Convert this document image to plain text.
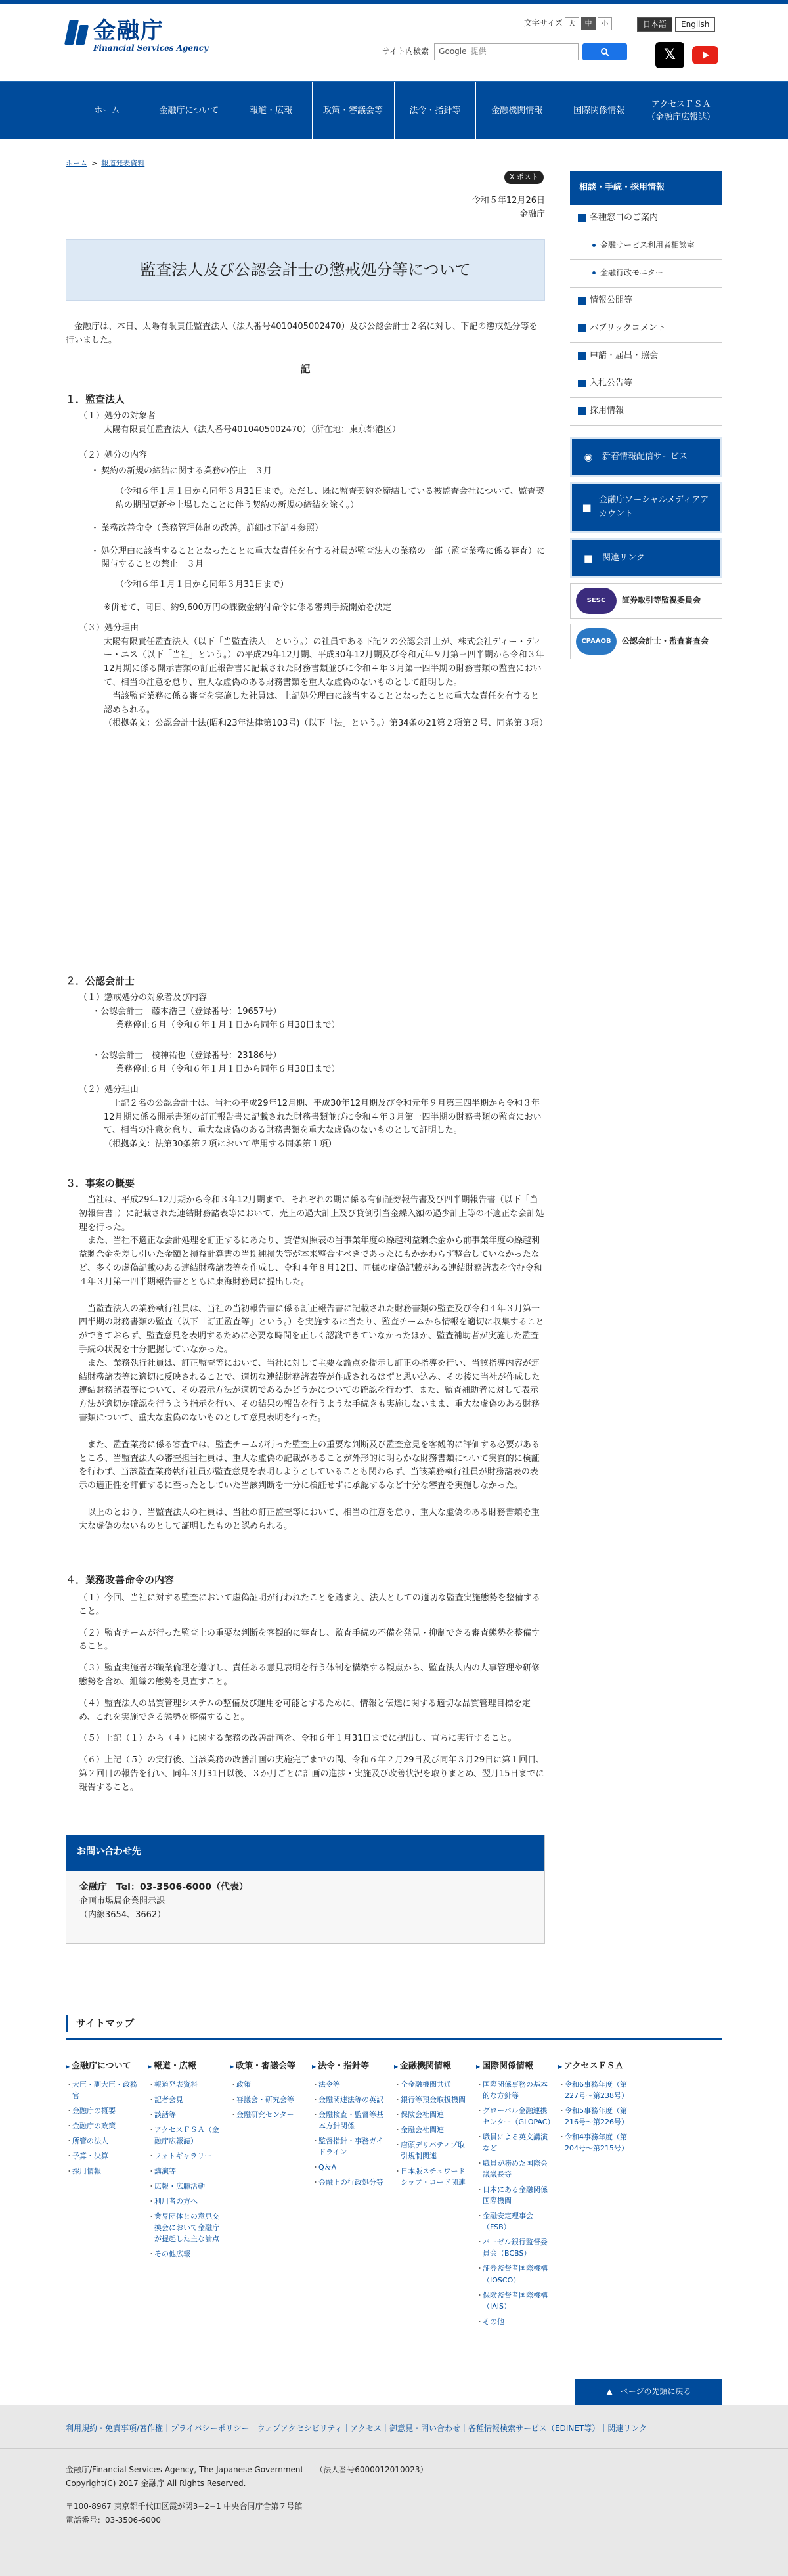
金融庁
Financial Services Agency
文字サイズ 大	中	小	日本語	English
サイト内検索 Google 提供	𝕏
ホーム	金融庁について	報道・広報	政策・審議会等	法令・指針等	金融機関情報	国際関係情報
アクセスＦＳＡ
（金融庁広報誌）
ホーム > 報道発表資料
X ポスト
令和５年12月26日
金融庁
監査法人及び公認会計士の懲戒処分等について

金融庁は、本日、太陽有限責任監査法人（法人番号4010405002470）及び公認会計士２名に対し、下記の懲戒処分等を行いました。

記
１．監査法人

（１）処分の対象者

太陽有限責任監査法人（法人番号4010405002470）（所在地：東京都港区）

（２）処分の内容

・ 契約の新規の締結に関する業務の停止　３月

（令和６年１月１日から同年３月31日まで。ただし、既に監査契約を締結している被監査会社について、監査契約の期間更新や上場したことに伴う契約の新規の締結を除く。）

・ 業務改善命令（業務管理体制の改善。詳細は下記４参照）
・ 処分理由に該当することとなったことに重大な責任を有する社員が監査法人の業務の一部（監査業務に係る審査）に関与することの禁止　３月

（令和６年１月１日から同年３月31日まで）

※併せて、同日、約9,600万円の課徴金納付命令に係る審判手続開始を決定

（３）処分理由

太陽有限責任監査法人（以下「当監査法人」という。）の社員である下記２の公認会計士が、株式会社ディー・ディー・エス（以下「当社」という。）の平成29年12月期、平成30年12月期及び令和元年９月第三四半期から令和３年12月期に係る開示書類の訂正報告書に記載された財務書類並びに令和４年３月第一四半期の財務書類の監査において、相当の注意を怠り、重大な虚偽のある財務書類を重大な虚偽のないものとして証明した。

当該監査業務に係る審査を実施した社員は、上記処分理由に該当することとなったことに重大な責任を有すると認められる。

（根拠条文：公認会計士法(昭和23年法律第103号)（以下「法」という。）第34条の21第２項第２号、同条第３項）

２．公認会計士

（１）懲戒処分の対象者及び内容

・公認会計士　藤本浩巳（登録番号：19657号）

業務停止６月（令和６年１月１日から同年６月30日まで）

・公認会計士　榎神祐也（登録番号：23186号）

業務停止６月（令和６年１月１日から同年６月30日まで）

（２）処分理由

上記２名の公認会計士は、当社の平成29年12月期、平成30年12月期及び令和元年９月第三四半期から令和３年12月期に係る開示書類の訂正報告書に記載された財務書類並びに令和４年３月第一四半期の財務書類の監査において、相当の注意を怠り、重大な虚偽のある財務書類を重大な虚偽のないものとして証明した。

（根拠条文：法第30条第２項において準用する同条第１項）

３．事案の概要

当社は、平成29年12月期から令和３年12月期まで、それぞれの期に係る有価証券報告書及び四半期報告書（以下「当初報告書」）に記載された連結財務諸表等において、売上の過大計上及び貸倒引当金繰入額の過少計上等の不適正な会計処理を行った。

また、当社不適正な会計処理を訂正するにあたり、貸借対照表の当事業年度の繰越利益剰余金から前事業年度の繰越利益剰余金を差し引いた金額と損益計算書の当期純損失等が本来整合すべきであったにもかかわらず整合していなかったなど、多くの虚偽記載のある連結財務諸表等を作成し、令和４年８月12日、同様の虚偽記載がある連結財務諸表を含む令和４年３月第一四半期報告書とともに東海財務局に提出した。

当監査法人の業務執行社員は、当社の当初報告書に係る訂正報告書に記載された財務書類の監査及び令和４年３月第一四半期の財務書類の監査（以下「訂正監査等」という。）を実施するに当たり、監査チームから情報を適切に収集することができておらず、監査意見を表明するために必要な時間を正しく認識できていなかったほか、監査補助者が実施した監査手続の状況を十分把握していなかった。

また、業務執行社員は、訂正監査等において、当社に対して主要な論点を提示し訂正の指導を行い、当該指導内容が連結財務諸表等に適切に反映されることで、適切な連結財務諸表等が作成されるはずと思い込み、その後に当社が作成した連結財務諸表等について、その表示方法が適切であるかどうかについての確認を行わず、また、監査補助者に対して表示方法が適切か確認を行うよう指示を行い、その結果の報告を行うような手続きも実施しないまま、重大な虚偽のある財務書類について、重大な虚偽のないものとして意見表明を行った。

また、監査業務に係る審査では、監査チームが行った監査上の重要な判断及び監査意見を客観的に評価する必要があるところ、当監査法人の審査担当社員は、重大な虚偽の記載があることが外形的に明らかな財務書類について実質的に検証を行わず、当該監査業務執行社員が監査意見を表明しようとしていることも関わらず、当該業務執行社員が財務諸表の表示の適正性を評価するに至ったとしていた当該判断を十分に検証せずに承認するなど十分な審査を実施しなかった。

以上のとおり、当監査法人の社員は、当社の訂正監査等において、相当の注意を怠り、重大な虚偽のある財務書類を重大な虚偽のないものとして証明したものと認められる。

４．業務改善命令の内容

（１）今回、当社に対する監査において虚偽証明が行われたことを踏まえ、法人としての適切な監査実施態勢を整備すること。

（２）監査チームが行った監査上の重要な判断を客観的に審査し、監査手続の不備を発見・抑制できる審査態勢を整備すること。

（３）監査実施者が職業倫理を遵守し、責任ある意見表明を行う体制を構築する観点から、監査法人内の人事管理や研修態勢を含め、組織の態勢を見直すこと。

（４）監査法人の品質管理システムの整備及び運用を可能とするために、情報と伝達に関する適切な品質管理目標を定め、これを実施できる態勢を整備すること。

（５）上記（１）から（４）に関する業務の改善計画を、令和６年１月31日までに提出し、直ちに実行すること。

（６）上記（５）の実行後、当該業務の改善計画の実施完了までの間、令和６年２月29日及び同年３月29日に第１回目、第２回目の報告を行い、同年３月31日以後、３か月ごとに計画の進捗・実施及び改善状況を取りまとめ、翌月15日までに報告すること。

お問い合わせ先
金融庁　Tel：03-3506-6000（代表）
企画市場局企業開示課
（内線3654、3662）
相談・手続・採用情報
各種窓口のご案内
金融サービス利用者相談室
金融行政モニター
情報公開等
パブリックコメント
申請・届出・照会
入札公告等
採用情報
◉	新着情報配信サービス
■
金融庁ソーシャルメディアアカウント
■	関連リンク
SESC	証券取引等監視委員会
CPAAOB	公認会計士・監査審査会
サイトマップ
▶ 金融庁について
・ 大臣・副大臣・政務官
・ 金融庁の概要
・ 金融庁の政策
・ 所管の法人
・ 予算・決算
・ 採用情報
▶ 報道・広報
・ 報道発表資料
・ 記者会見
・ 談話等
・ アクセスＦＳＡ（金融庁広報誌）
・ フォトギャラリー
・ 講演等
・ 広報・広聴活動
・ 利用者の方へ
・ 業界団体との意見交換会において金融庁が提起した主な論点
・ その他広報
▶ 政策・審議会等
・ 政策
・ 審議会・研究会等
・ 金融研究センター
▶ 法令・指針等
・ 法令等
・ 金融関連法等の英訳
・ 金融検査・監督等基本方針関係
・ 監督指針・事務ガイドライン
・ Q＆A
・ 金融上の行政処分等
▶ 金融機関情報
・ 全金融機関共通
・ 銀行等預金取扱機関
・ 保険会社関連
・ 金融会社関連
・ 店頭デリバティブ取引規制関連
・ 日本版スチュワードシップ・コード関連
▶ 国際関係情報
・ 国際関係事務の基本的な方針等
・ グローバル金融連携センター（GLOPAC）
・ 職員による英文講演など
・ 職員が務めた国際会議議長等
・ 日本にある金融関係国際機関
・ 金融安定理事会（FSB）
・ バーゼル銀行監督委員会（BCBS）
・ 証券監督者国際機構（IOSCO）
・ 保険監督者国際機構（IAIS）
・ その他
▶ アクセスＦＳＡ
・ 令和6事務年度（第227号〜第238号）
・ 令和5事務年度（第216号〜第226号）
・ 令和4事務年度（第204号〜第215号）
▲　ページの先頭に戻る
利用規約・免責事項/著作権｜プライバシーポリシー｜ウェブアクセシビリティ｜アクセス｜御意見・問い合わせ｜各種情報検索サービス（EDINET等）｜関連リンク
金融庁/Financial Services Agency, The Japanese Government　　（法人番号6000012010023）
Copyright(C) 2017 金融庁 All Rights Reserved.
〒100-8967 東京都千代田区霞が関3−2−1 中央合同庁舎第７号館
電話番号：03-3506-6000
